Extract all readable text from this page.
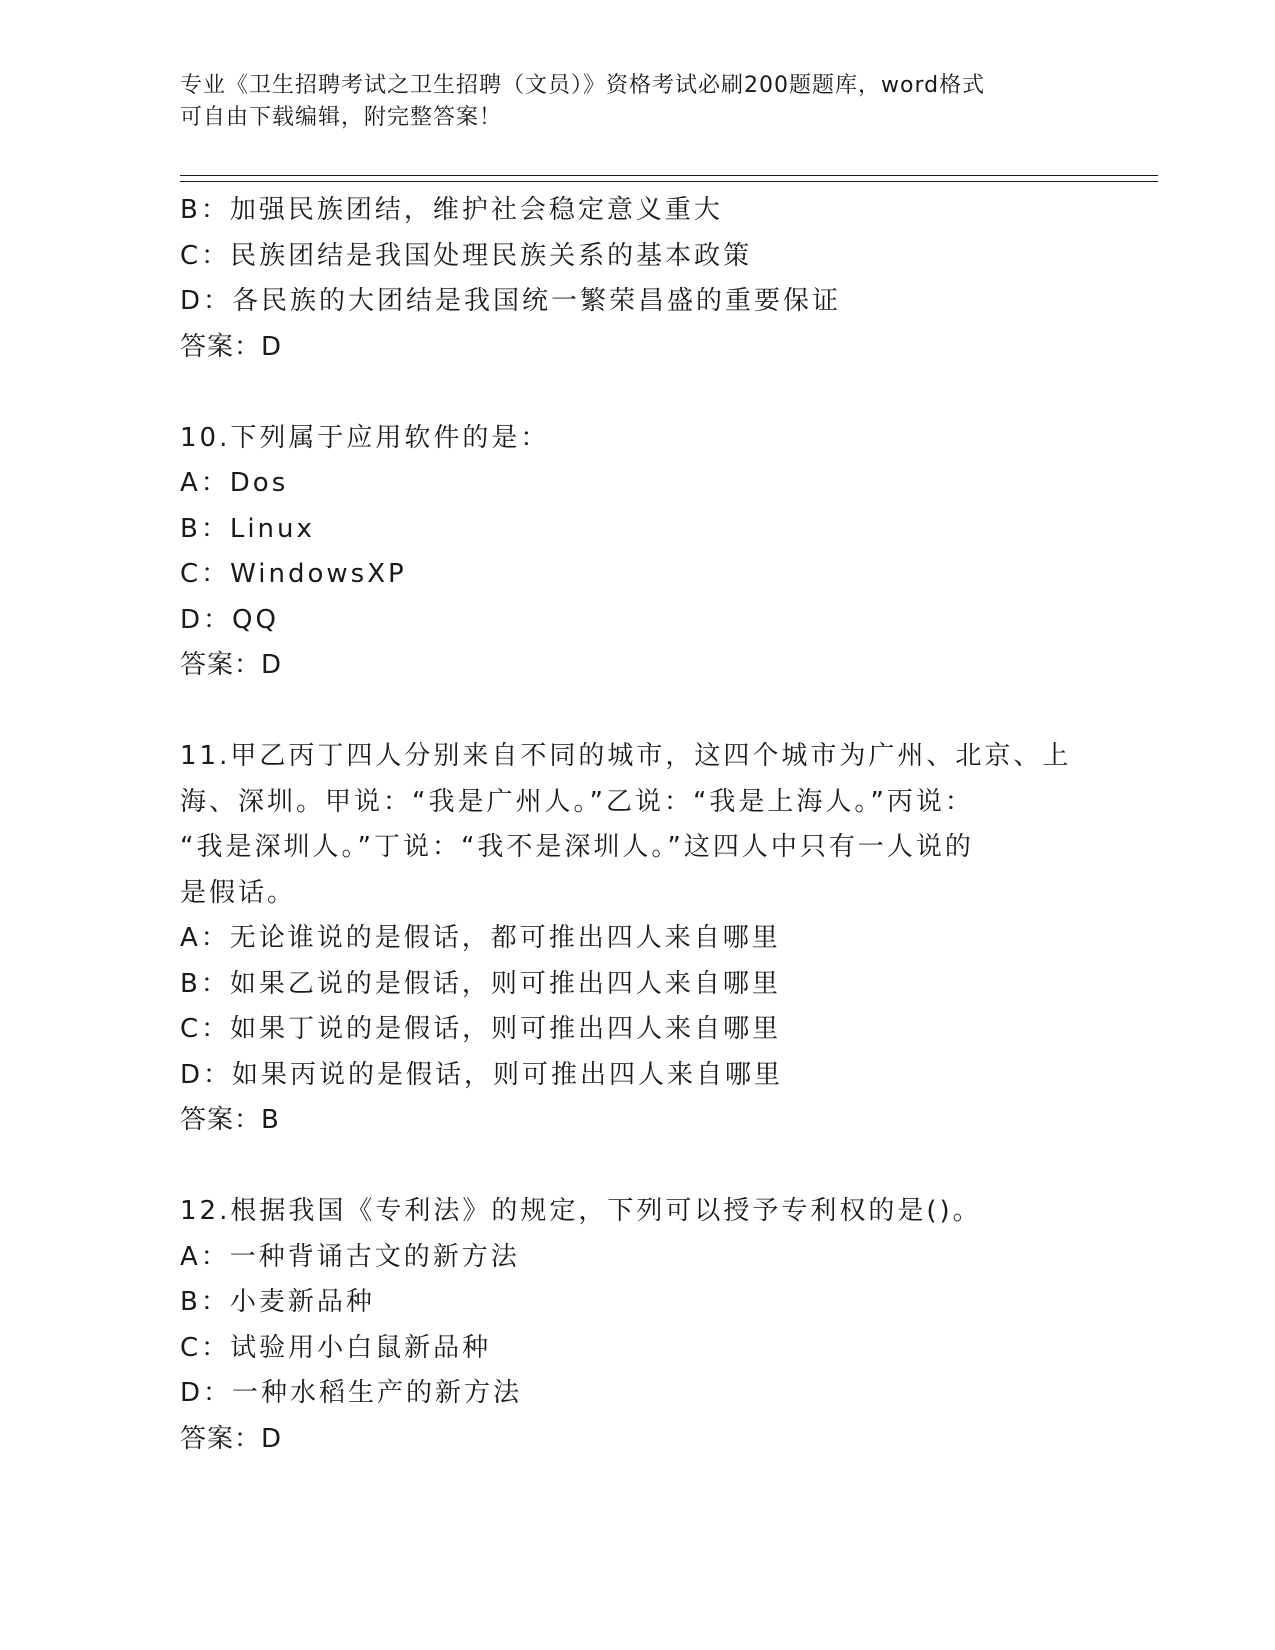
专业《卫生招聘考试之卫生招聘（文员）》资格考试必刷200题题库，word格式
可自由下载编辑，附完整答案！
B：加强民族团结，维护社会稳定意义重大
C：民族团结是我国处理民族关系的基本政策
D：各民族的大团结是我国统一繁荣昌盛的重要保证
答案：D
10.下列属于应用软件的是：
A：Dos
B：Linux
C：WindowsXP
D：QQ
答案：D
11.甲乙丙丁四人分别来自不同的城市，这四个城市为广州、北京、上
海、深圳。甲说：“我是广州人。”乙说：“我是上海人。”丙说：
“我是深圳人。”丁说：“我不是深圳人。”这四人中只有一人说的
是假话。
A：无论谁说的是假话，都可推出四人来自哪里
B：如果乙说的是假话，则可推出四人来自哪里
C：如果丁说的是假话，则可推出四人来自哪里
D：如果丙说的是假话，则可推出四人来自哪里
答案：B
12.根据我国《专利法》的规定，下列可以授予专利权的是()。
A：一种背诵古文的新方法
B：小麦新品种
C：试验用小白鼠新品种
D：一种水稻生产的新方法
答案：D
